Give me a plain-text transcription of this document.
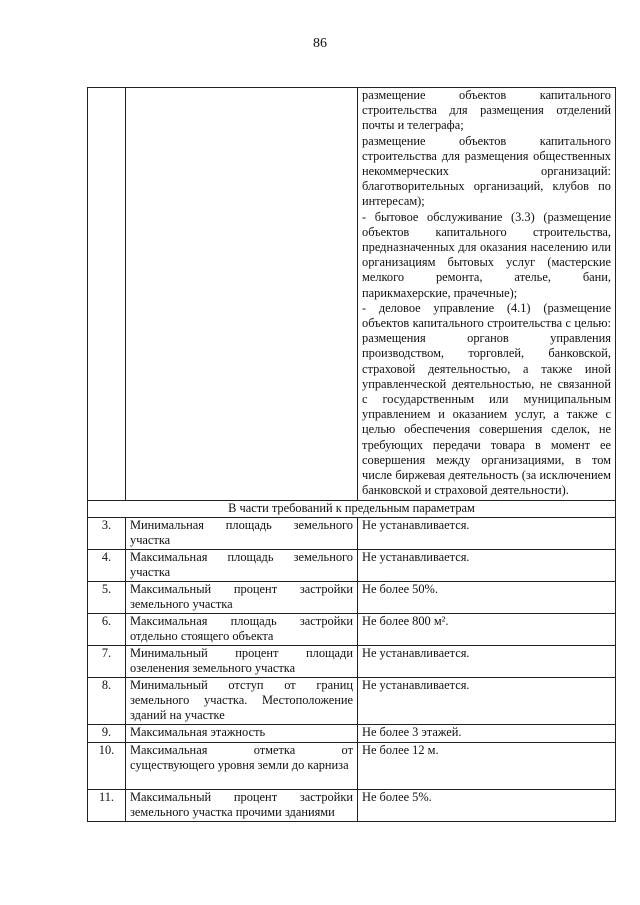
86

		размещение объектов капитального строительства для размещения отделений почты и телеграфа;
размещение объектов капитального строительства для размещения общественных некоммерческих организаций: благотворительных организаций, клубов по интересам);
- бытовое обслуживание (3.3) (размещение объектов капитального строительства, предназначенных для оказания населению или организациям бытовых услуг (мастерские мелкого ремонта, ателье, бани, парикмахерские, прачечные);
- деловое управление (4.1) (размещение объектов капитального строительства с целью: размещения органов управления производством, торговлей, банковской, страховой деятельностью, а также иной управленческой деятельностью, не связанной с государственным или муниципальным управлением и оказанием услуг, а также с целью обеспечения совершения сделок, не требующих передачи товара в момент ее совершения между организациями, в том числе биржевая деятельность (за исключением банковской и страховой деятельности).

В части требований к предельным параметрам		
3.	Минимальная площадь земельного участка	Не устанавливается.
4.	Максимальная площадь земельного участка	Не устанавливается.
5.	Максимальный процент застройки земельного участка	Не более 50%.
6.	Максимальная площадь застройки отдельно стоящего объекта	Не более 800 м².
7.	Минимальный процент площади озеленения земельного участка	Не устанавливается.
8.	Минимальный отступ от границ земельного участка. Местоположение зданий на участке	Не устанавливается.
9.	Максимальная этажность	Не более 3 этажей.
10.	Максимальная отметка от существующего уровня земли до карниза	Не более 12 м.
11.	Максимальный процент застройки земельного участка прочими зданиями	Не более 5%.
